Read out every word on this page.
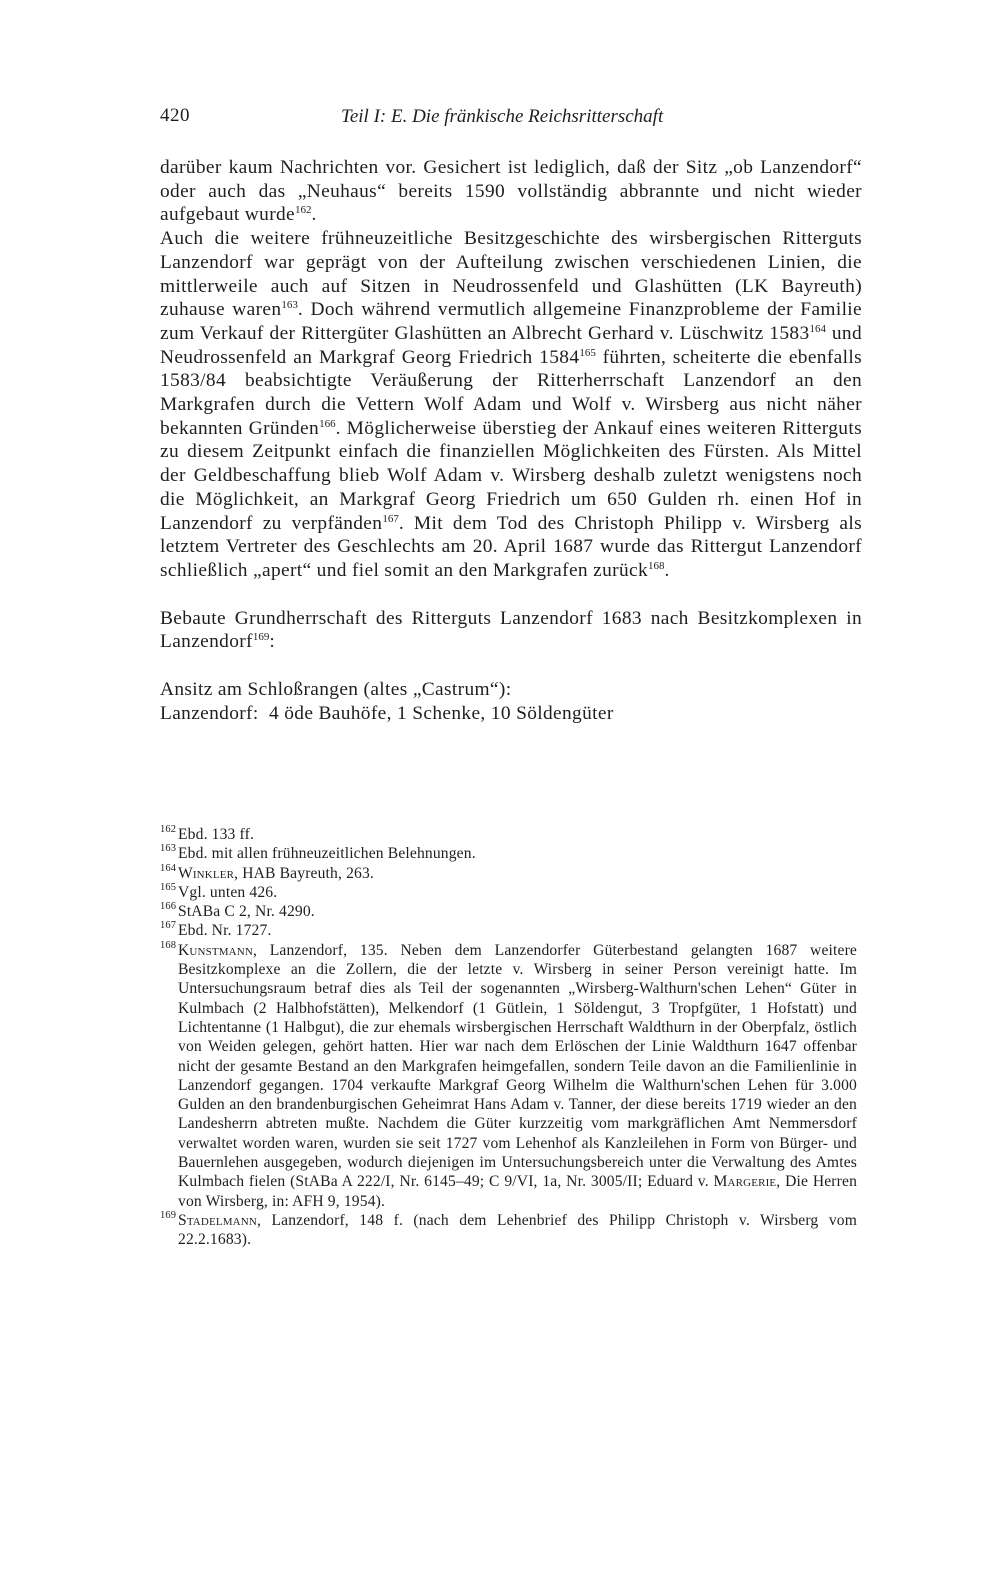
420	Teil I: E. Die fränkische Reichsritterschaft

darüber kaum Nachrichten vor. Gesichert ist lediglich, daß der Sitz „ob Lanzendorf“ oder auch das „Neuhaus“ bereits 1590 vollständig abbrannte und nicht wieder aufgebaut wurde$^{162}$.

Auch die weitere frühneuzeitliche Besitzgeschichte des wirsbergischen Ritterguts Lanzendorf war geprägt von der Aufteilung zwischen verschiedenen Linien, die mittlerweile auch auf Sitzen in Neudrossenfeld und Glashütten (LK Bayreuth) zuhause waren$^{163}$. Doch während vermutlich allgemeine Finanzprobleme der Familie zum Verkauf der Rittergüter Glashütten an Albrecht Gerhard v. Lüschwitz 1583$^{164}$ und Neudrossenfeld an Markgraf Georg Friedrich 1584$^{165}$ führten, scheiterte die ebenfalls 1583/84 beabsichtigte Veräußerung der Ritterherrschaft Lanzendorf an den Markgrafen durch die Vettern Wolf Adam und Wolf v. Wirsberg aus nicht näher bekannten Gründen$^{166}$. Möglicherweise überstieg der Ankauf eines weiteren Ritterguts zu diesem Zeitpunkt einfach die finanziellen Möglichkeiten des Fürsten. Als Mittel der Geldbeschaffung blieb Wolf Adam v. Wirsberg deshalb zuletzt wenigstens noch die Möglichkeit, an Markgraf Georg Friedrich um 650 Gulden rh. einen Hof in Lanzendorf zu verpfänden$^{167}$. Mit dem Tod des Christoph Philipp v. Wirsberg als letztem Vertreter des Geschlechts am 20. April 1687 wurde das Rittergut Lanzendorf schließlich „apert“ und fiel somit an den Markgrafen zurück$^{168}$.

Bebaute Grundherrschaft des Ritterguts Lanzendorf 1683 nach Besitzkomplexen in Lanzendorf$^{169}$:

Ansitz am Schloßrangen (altes „Castrum“):

Lanzendorf:  4 öde Bauhöfe, 1 Schenke, 10 Söldengüter

162 Ebd. 133 ff.
163 Ebd. mit allen frühneuzeitlichen Belehnungen.
164 Winkler, HAB Bayreuth, 263.
165 Vgl. unten 426.
166 StABa C 2, Nr. 4290.
167 Ebd. Nr. 1727.
168 Kunstmann, Lanzendorf, 135. Neben dem Lanzendorfer Güterbestand gelangten 1687 weitere Besitzkomplexe an die Zollern, die der letzte v. Wirsberg in seiner Person vereinigt hatte. Im Untersuchungsraum betraf dies als Teil der sogenannten „Wirsberg-Walthurn'schen Lehen“ Güter in Kulmbach (2 Halbhofstätten), Melkendorf (1 Gütlein, 1 Söldengut, 3 Tropfgüter, 1 Hofstatt) und Lichtentanne (1 Halbgut), die zur ehemals wirsbergischen Herrschaft Waldthurn in der Oberpfalz, östlich von Weiden gelegen, gehört hatten. Hier war nach dem Erlöschen der Linie Waldthurn 1647 offenbar nicht der gesamte Bestand an den Markgrafen heimgefallen, sondern Teile davon an die Familienlinie in Lanzendorf gegangen. 1704 verkaufte Markgraf Georg Wilhelm die Walthurn'schen Lehen für 3.000 Gulden an den brandenburgischen Geheimrat Hans Adam v. Tanner, der diese bereits 1719 wieder an den Landesherrn abtreten mußte. Nachdem die Güter kurzzeitig vom markgräflichen Amt Nemmersdorf verwaltet worden waren, wurden sie seit 1727 vom Lehenhof als Kanzleilehen in Form von Bürger- und Bauernlehen ausgegeben, wodurch diejenigen im Untersuchungsbereich unter die Verwaltung des Amtes Kulmbach fielen (StABa A 222/I, Nr. 6145–49; C 9/VI, 1a, Nr. 3005/II; Eduard v. Margerie, Die Herren von Wirsberg, in: AFH 9, 1954).
169 Stadelmann, Lanzendorf, 148 f. (nach dem Lehenbrief des Philipp Christoph v. Wirsberg vom 22.2.1683).
